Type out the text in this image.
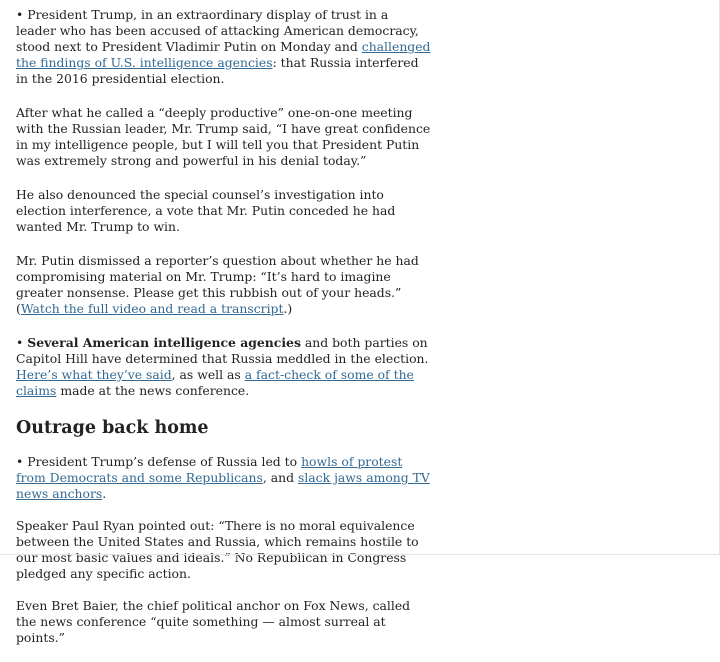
• President Trump, in an extraordinary display of trust in a leader who has been accused of attacking American democracy, stood next to President Vladimir Putin on Monday and challenged the findings of U.S. intelligence agencies: that Russia interfered in the 2016 presidential election.

After what he called a “deeply productive” one-on-one meeting with the Russian leader, Mr. Trump said, “I have great confidence in my intelligence people, but I will tell you that President Putin was extremely strong and powerful in his denial today.”

He also denounced the special counsel’s investigation into election interference, a vote that Mr. Putin conceded he had wanted Mr. Trump to win.

Mr. Putin dismissed a reporter’s question about whether he had compromising material on Mr. Trump: “It’s hard to imagine greater nonsense. Please get this rubbish out of your heads.” (Watch the full video and read a transcript.)

• Several American intelligence agencies and both parties on Capitol Hill have determined that Russia meddled in the election. Here’s what they’ve said, as well as a fact-check of some of the claims made at the news conference.

Outrage back home

• President Trump’s defense of Russia led to howls of protest from Democrats and some Republicans, and slack jaws among TV news anchors.

Speaker Paul Ryan pointed out: “There is no moral equivalence between the United States and Russia, which remains hostile to our most basic values and ideals.” No Republican in Congress pledged any specific action.

Even Bret Baier, the chief political anchor on Fox News, called the news conference “quite something — almost surreal at points.”
